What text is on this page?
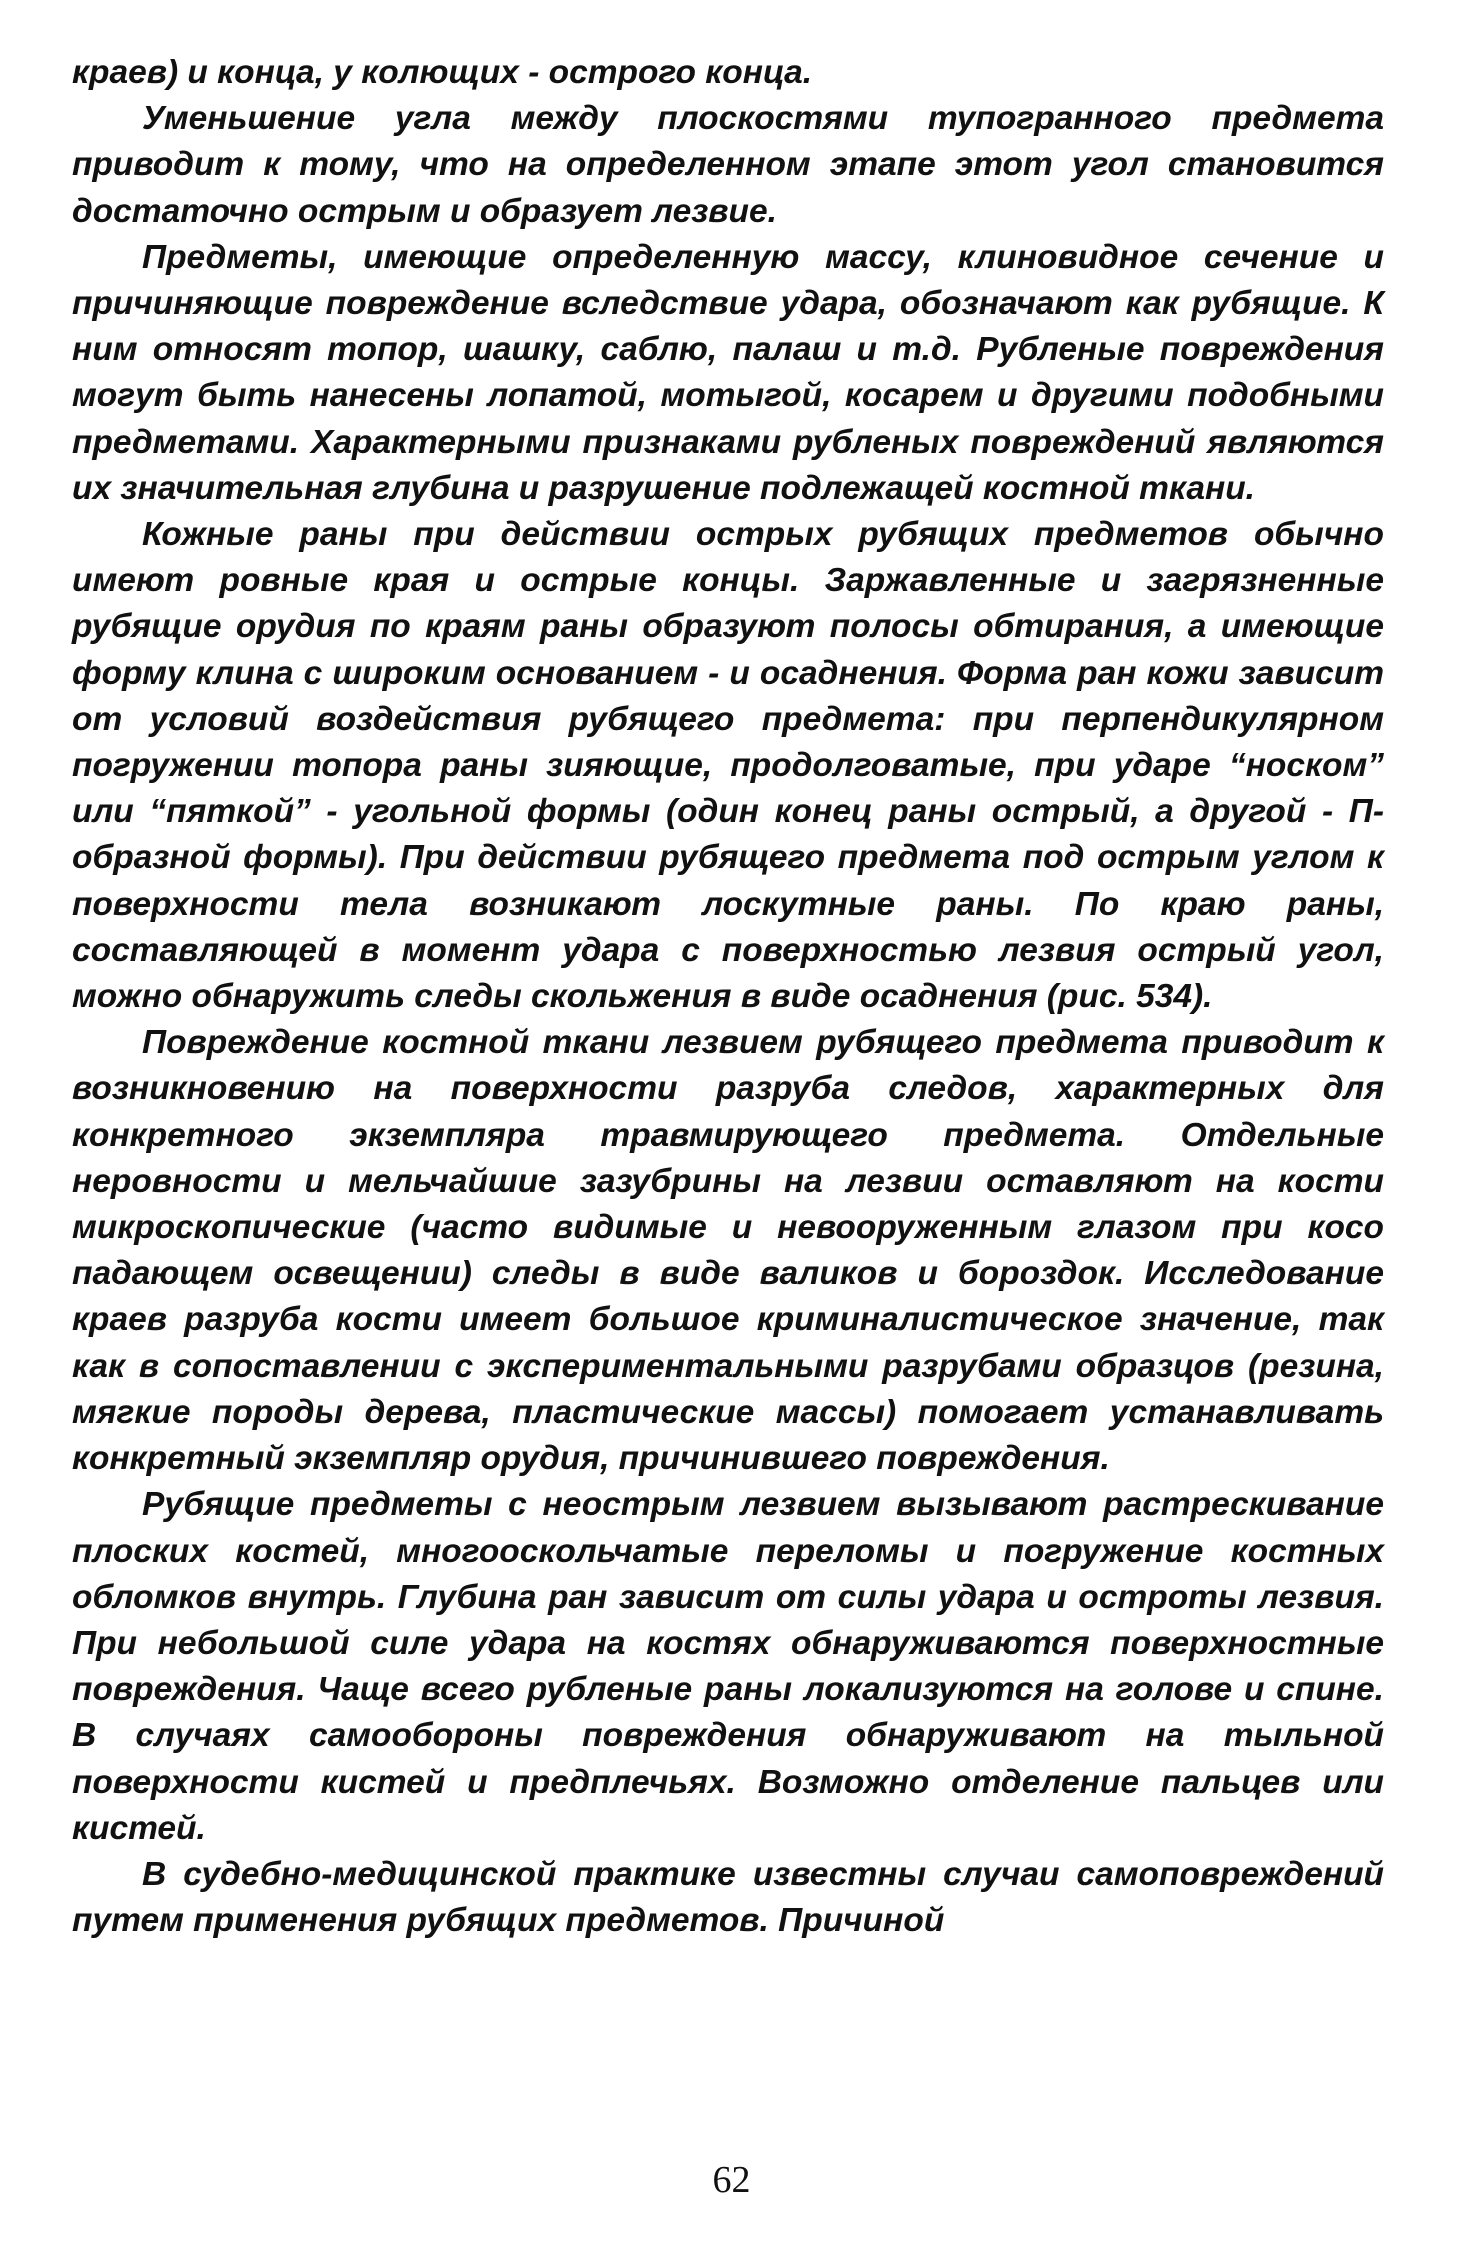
краев) и конца, у колющих - острого конца.

Уменьшение угла между плоскостями тупогранного предмета приводит к тому, что на определенном этапе этот угол становится достаточно острым и образует лезвие.

Предметы, имеющие определенную массу, клиновидное сечение и причиняющие повреждение вследствие удара, обозначают как рубящие. К ним относят топор, шашку, саблю, палаш и т.д. Рубленые повреждения могут быть нанесены лопатой, мотыгой, косарем и другими подобными предметами. Характерными признаками рубленых повреждений являются их значительная глубина и разрушение подлежащей костной ткани.

Кожные раны при действии острых рубящих предметов обычно имеют ровные края и острые концы. Заржавленные и загрязненные рубящие орудия по краям раны образуют полосы обтирания, а имеющие форму клина с широким основанием - и осаднения. Форма ран кожи зависит от условий воздействия рубящего предмета: при перпендикулярном погружении топора раны зияющие, продолговатые, при ударе “носком” или “пяткой” - угольной формы (один конец раны острый, а другой - П-образной формы). При действии рубящего предмета под острым углом к поверхности тела возникают лоскутные раны. По краю раны, составляющей в момент удара с поверхностью лезвия острый угол, можно обнаружить следы скольжения в виде осаднения (рис. 534).

Повреждение костной ткани лезвием рубящего предмета приводит к возникновению на поверхности разруба следов, характерных для конкретного экземпляра травмирующего предмета. Отдельные неровности и мельчайшие зазубрины на лезвии оставляют на кости микроскопические (часто видимые и невооруженным глазом при косо падающем освещении) следы в виде валиков и бороздок. Исследование краев разруба кости имеет большое криминалистическое значение, так как в сопоставлении с экспериментальными разрубами образцов (резина, мягкие породы дерева, пластические массы) помогает устанавливать конкретный экземпляр орудия, причинившего повреждения.

Рубящие предметы с неострым лезвием вызывают растрескивание плоских костей, многооскольчатые переломы и погружение костных обломков внутрь. Глубина ран зависит от силы удара и остроты лезвия. При небольшой силе удара на костях обнаруживаются поверхностные повреждения. Чаще всего рубленые раны локализуются на голове и спине. В случаях самообороны повреждения обнаруживают на тыльной поверхности кистей и предплечьях. Возможно отделение пальцев или кистей.

В судебно-медицинской практике известны случаи самоповреждений путем применения рубящих предметов. Причиной

62
